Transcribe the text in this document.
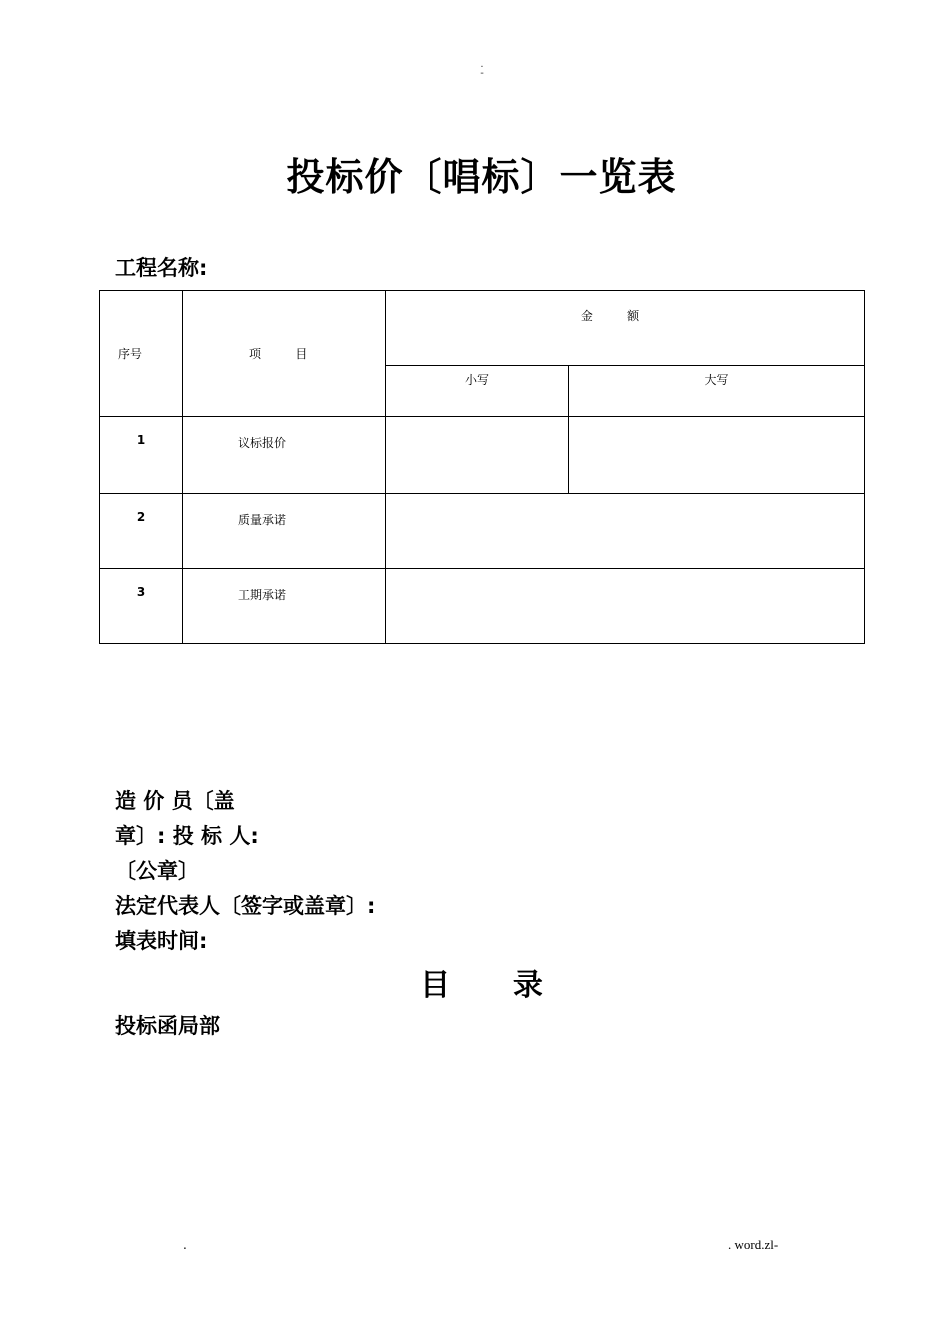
.
-
投标价〔唱标〕一览表
工程名称:
序号	项         目	金         额	
		小写	大写
1	议标报价		
2	质量承诺		
3	工期承诺		
造 价 员〔盖
章〕: 投 标 人:
〔公章〕
法定代表人〔签字或盖章〕:
填表时间:
目      录
投标函局部
.	. word.zl-
